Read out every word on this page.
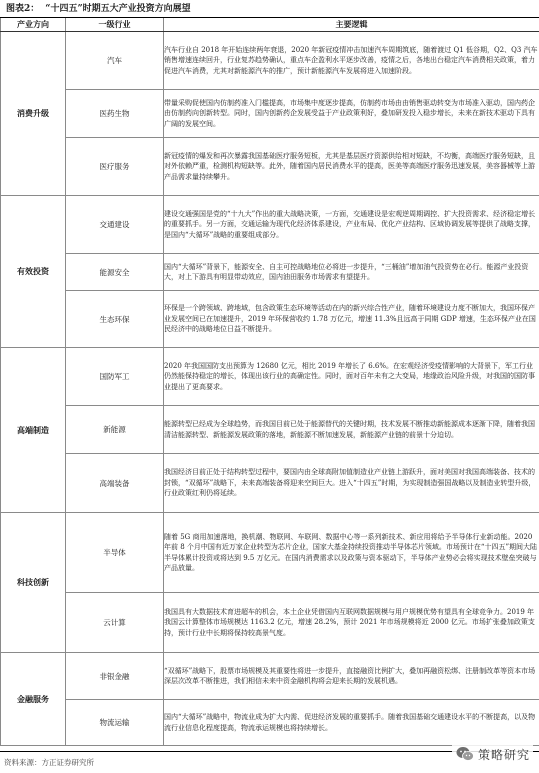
图表2： “十四五”时期五大产业投资方向展望
产业方向	一级行业	主要逻辑
消费升级	汽车	汽车行业自 2018 年开始连续两年衰退，2020 年新冠疫情冲击加速汽车周期筑底，随着渡过 Q1 低谷期，Q2、Q3 汽车销售增速连续回升，行业复苏趋势确认，重点车企盈利水平逐步改善，疫情之后，各地出台稳定汽车消费相关政策，着力促进汽车消费，尤其对新能源汽车的推广，预计新能源汽车发展将进入加速阶段。

	医药生物	带量采购促使国内仿制药准入门槛提高，市场集中度逐步提高，仿制药市场由由销售驱动转变为市场准入驱动，国内药企由仿制药向创新转型。同时，国内创新药企发展受益于产业政策利好，叠加研发投入稳步增长，未来在新技术驱动下具有广阔的发展空间。

	医疗服务	新冠疫情的爆发和再次暴露我国基础医疗服务短板，尤其是基层医疗资源供给相对短缺，不均衡，高端医疗服务短缺，且对外依赖严重，检测机构短缺等。此外，随着国内居民消费水平的提高，医美等高端医疗服务迅速发展，美容器械等上游产品需求量持续攀升。

有效投资	交通建设	建设交通强国是党的“十九大”作出的重大战略决策，一方面，交通建设是宏观逆周期调控、扩大投资需求、经济稳定增长的重要抓手。另一方面，交通运输为现代化经济体系建设，产业布局、优化产业结构、区域协调发展等提供了战略支撑，是国内“大循环”战略的重要组成部分。

	能源安全	国内“大循环”背景下，能源安全、自主可控战略地位必将进一步提升，“三桶油”增加油气投资势在必行。能源产业投资大，对上下游具有明显带动效应，国内油田服务市场需求有望提升。

	生态环保	环保是一个跨领域、跨地域，包含政策生态环境等活动在内的新兴综合性产业，随着环境建设力度不断加大，我国环保产业发展空间已在加速提升，2019 年环保营收约 1.78 万亿元，增速 11.3%且远高于同期 GDP 增速，生态环保产业在国民经济中的战略地位日益不断提升。

高端制造	国防军工	2020 年我国国防支出预算为 12680 亿元，相比 2019 年增长了 6.6%。在宏观经济受疫情影响的大背景下，军工行业仍然能保持稳定的增长，体现出该行业的高确定性。同时，面对百年未有之大变局，地缘政治风险升级，对我国的国防事业提出了更高要求。

	新能源	能源转型已经成为全球趋势，而我国目前已处于能源替代的关键时期，技术发展不断推动新能源成本逐渐下降，随着我国清洁能源转型、新能源发展政策的落地，新能源不断加速发展，新能源产业链的前景十分迫切。

	高端装备	我国经济目前正处于结构转型过程中，要国内由全球高附加值制造业产业链上游跃升，面对美国对我国高端装备、技术的封锁，“双循环”战略下，未来高端装备将迎来空间巨大。进入“十四五”时期，为实现制造强国战略以及制造业转型升级，行业政策红利仍将延续。

科技创新	半导体	随着 5G 商用加速落地，换机潮、物联网、车联网、数据中心等一系列新技术、新应用将给予半导体行业新动能。2020 年前 8 个月中国有近万家企业转型为芯片企业，国家大基金持续投资推动半导体芯片领域。市场预计在“十四五”期间大陆半导体累计投资或将达到 9.5 万亿元。在国内消费需求以及政策与资本驱动下，半导体产业势必会将实现技术壁垒突破与产品放量。

	云计算	我国具有大数据技术育进超车的机会，本土企业凭借国内互联网数据规模与用户规模优势有望具有全球竞争力。2019 年我国云计算整体市场规模达 1163.2 亿元，增速 28.2%，预计 2021 年市场规模将近 2000 亿元。市场扩张叠加政策支持，预计行业中长期将保持较高景气度。

金融服务	非银金融	“双循环”战略下，股票市场规模及其重要性将进一步提升，直接融资比例扩大，叠加再融资松绑、注册制改革等资本市场深层次改革不断推进，我们相信未来中资金融机构将会迎来长期的发展机遇。

	物流运输	国内“大循环”战略中，物流业成为扩大内需、促进经济发展的重要抓手。随着我国基础交通建设水平的不断提高，以及物流行业信息化程度提高，物流承运规模也将持续增长。
资料来源：方正证券研究所
策略研究
